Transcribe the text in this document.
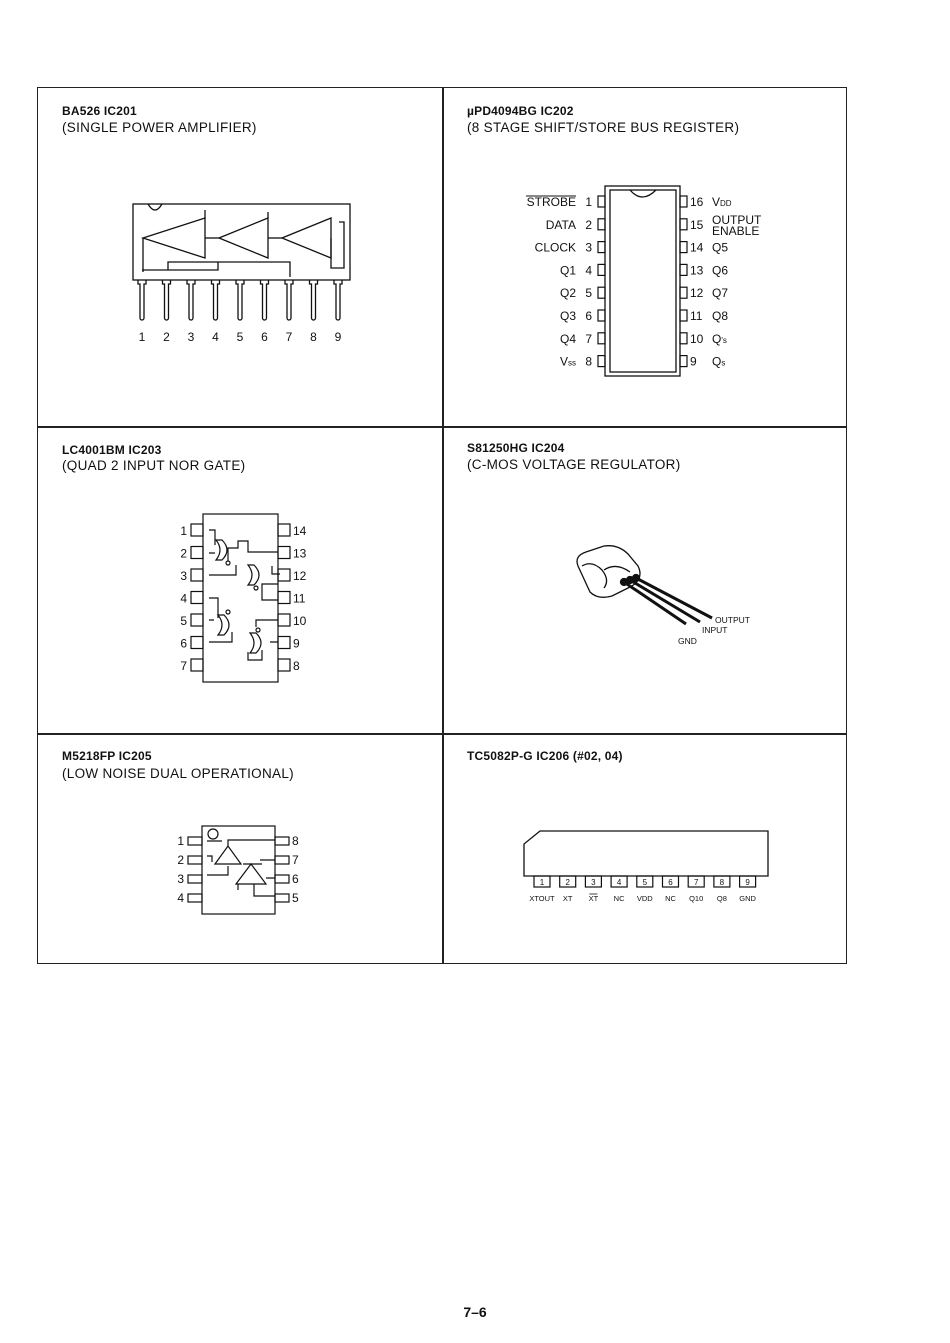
BA526 IC201
(SINGLE POWER AMPLIFIER)
1 2 3 4 5 6 7 8 9
µPD4094BG IC202
(8 STAGE SHIFT/STORE BUS REGISTER)
1
STROBE
2
DATA
3
CLOCK
4
Q1
5
Q2
6
Q3
7
Q4
8
Vss
16 VDD
15 OUTPUT
ENABLE
14 Q5
13 Q6
12 Q7
11 Q8
10 Q's
9 Qs
LC4001BM IC203
(QUAD 2 INPUT NOR GATE)
1
2
3
4
5
6
7
14
13
12
11
10
9
8
S81250HG IC204
(C-MOS VOLTAGE REGULATOR)
OUTPUT
INPUT
GND
M5218FP IC205
(LOW NOISE DUAL OPERATIONAL)
1
2
3
4
8
7
6
5
TC5082P-G IC206 (#02, 04)
1
XTOUT
2
XT
3
XT
4
NC
5
VDD
6
NC
7
Q10
8
Q8
9
GND
7–6
